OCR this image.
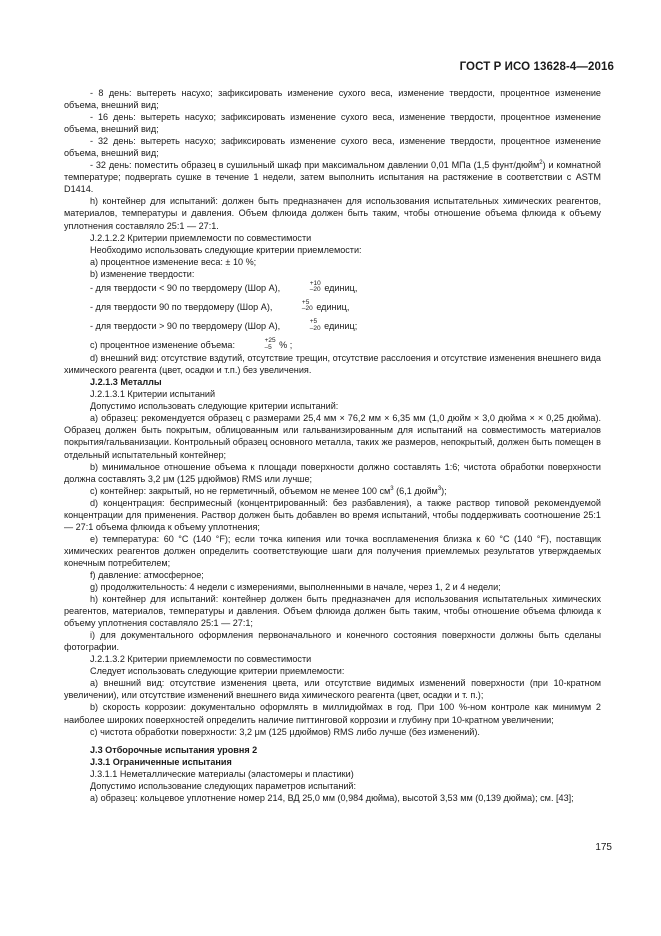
ГОСТ Р ИСО 13628-4—2016

- 8 день: вытереть насухо; зафиксировать изменение сухого веса, изменение твердости, процентное изменение объема, внешний вид;

- 16 день: вытереть насухо; зафиксировать изменение сухого веса, изменение твердости, процентное изменение объема, внешний вид;

- 32 день: вытереть насухо; зафиксировать изменение сухого веса, изменение твердости, процентное изменение объема, внешний вид;

- 32 день: поместить образец в сушильный шкаф при максимальном давлении 0,01 МПа (1,5 фунт/дюйм$^2$) и комнатной температуре; подвергать сушке в течение 1 недели, затем выполнить испытания на растяжение в соответствии с ASTM D1414.

h) контейнер для испытаний: должен быть предназначен для использования испытательных химических реагентов, материалов, температуры и давления. Объем флюида должен быть таким, чтобы отношение объема флюида к объему уплотнения составляло 25:1 — 27:1.

J.2.1.2.2 Критерии приемлемости по совместимости

Необходимо использовать следующие критерии приемлемости:

а) процентное изменение веса: ± 10 %;

b) изменение твердости:

- для твердости < 90 по твердомеру (Шор А),	+10
–20 единиц,

- для твердости 90 по твердомеру (Шор А),	+5
–20 единиц,

- для твердости > 90 по твердомеру (Шор А),	+5
–20 единиц;

c) процентное изменение объема:	+25
–5 % ;

d) внешний вид: отсутствие вздутий, отсутствие трещин, отсутствие расслоения и отсутствие изменения внешнего вида химического реагента (цвет, осадки и т.п.) без увеличения.

J.2.1.3 Металлы

J.2.1.3.1 Критерии испытаний

Допустимо использовать следующие критерии испытаний:

а) образец: рекомендуется образец с размерами 25,4 мм × 76,2 мм × 6,35 мм (1,0 дюйм × 3,0 дюйма × × 0,25 дюйма). Образец должен быть покрытым, облицованным или гальванизированным для испытаний на совместимость материалов покрытия/гальванизации. Контрольный образец основного металла, таких же размеров, непокрытый, должен быть помещен в отдельный испытательный контейнер;

b) минимальное отношение объема к площади поверхности должно составлять 1:6; чистота обработки поверхности должна составлять 3,2 μм (125 μдюймов) RMS или лучше;

c) контейнер: закрытый, но не герметичный, объемом не менее 100 $см^3$ (6,1 дюйм$^3$);

d) концентрация: беспримесный (концентрированный: без разбавления), а также раствор типовой рекомендуемой концентрации для применения. Раствор должен быть добавлен во время испытаний, чтобы поддерживать соотношение 25:1 — 27:1 объема флюида к объему уплотнения;

е) температура: 60 °С (140 °F); если точка кипения или точка воспламенения близка к 60 °С (140 °F), поставщик химических реагентов должен определить соответствующие шаги для получения приемлемых результатов утверждаемых конечным потребителем;

f) давление: атмосферное;

g) продолжительность: 4 недели с измерениями, выполненными в начале, через 1, 2 и 4 недели;

h) контейнер для испытаний: контейнер должен быть предназначен для использования испытательных химических реагентов, материалов, температуры и давления. Объем флюида должен быть таким, чтобы отношение объема флюида к объему уплотнения составляло 25:1 — 27:1;

i) для документального оформления первоначального и конечного состояния поверхности должны быть сделаны фотографии.

J.2.1.3.2 Критерии приемлемости по совместимости

Следует использовать следующие критерии приемлемости:

а) внешний вид: отсутствие изменения цвета, или отсутствие видимых изменений поверхности (при 10-кратном увеличении), или отсутствие изменений внешнего вида химического реагента (цвет, осадки и т. п.);

b) скорость коррозии: документально оформлять в миллидюймах в год. При 100 %-ном контроле как минимум 2 наиболее широких поверхностей определить наличие питтинговой коррозии и глубину при 10-кратном увеличении;

c) чистота обработки поверхности: 3,2 μм (125 μдюймов) RMS либо лучше (без изменений).

J.3 Отборочные испытания уровня 2

J.3.1 Ограниченные испытания

J.3.1.1 Неметаллические материалы (эластомеры и пластики)

Допустимо использование следующих параметров испытаний:

а) образец: кольцевое уплотнение номер 214, ВД 25,0 мм (0,984 дюйма), высотой 3,53 мм (0,139 дюйма); см. [43];

175
